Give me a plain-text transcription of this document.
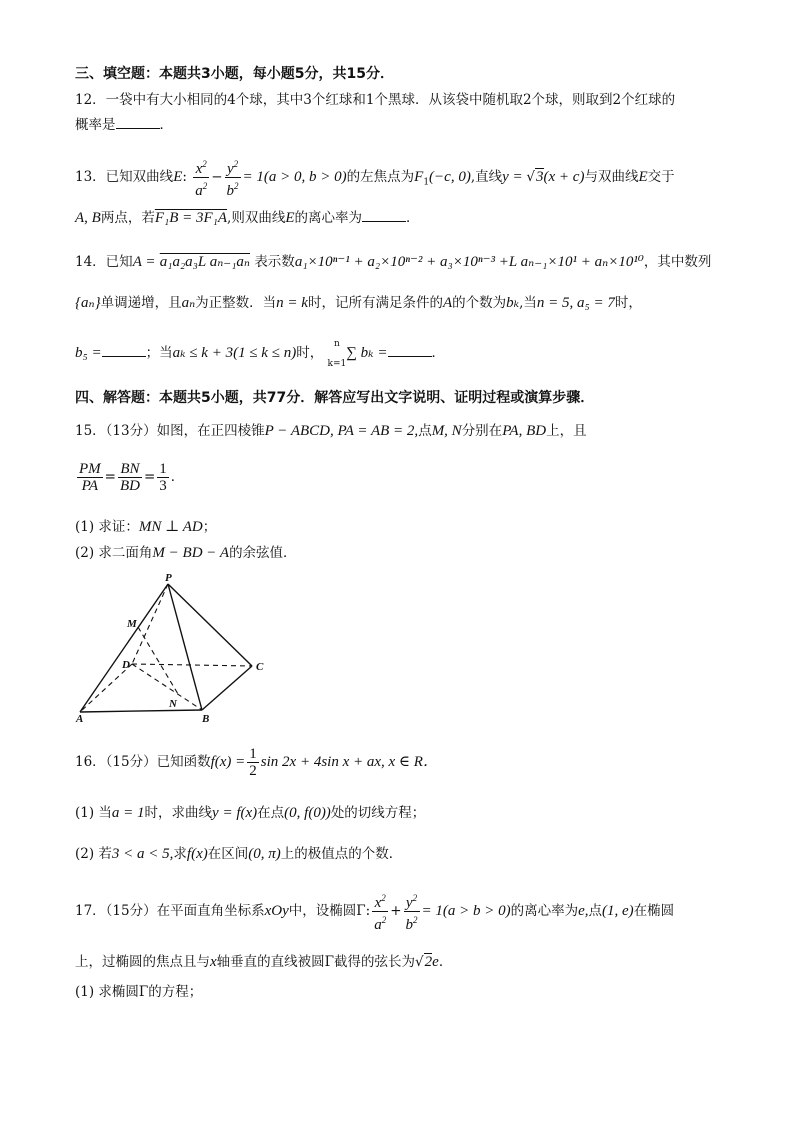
三、填空题：本题共3小题，每小题5分，共15分．
12．一袋中有大小相同的4个球，其中3个红球和1个黑球．从该袋中随机取2个球，则取到2个红球的
概率是	．
13．已知双曲线E: $\frac{x^2}{a^2} - \frac{y^2}{b^2} = 1(a > 0$, b > 0)的左焦点为$F_1(-c$, 0),直线y = √3(x + c)与双曲线E交于
A, B两点，若F₁B = 3F₁A,则双曲线E的离心率为	．
14．已知A = a₁a₂a₃L aₙ₋₁aₙ 表示数a₁×10ⁿ⁻¹ + a₂×10ⁿ⁻² + a₃×10ⁿ⁻³ +L aₙ₋₁×10¹ + aₙ×10¹⁰，其中数列
{aₙ}单调递增，且aₙ为正整数．当n = k时，记所有满足条件的A的个数为bₖ,当n = 5, a₅ = 7时，
b₅ =	；当aₖ ≤ k + 3(1 ≤ k ≤ n)时，
n
k=1
∑ bₖ =	．
四、解答题：本题共5小题，共77分．解答应写出文字说明、证明过程或演算步骤．
15．（13分）如图，在正四棱锥P − ABCD, PA = AB = 2,点M, N分别在PA, BD上，且
$\frac{PM}{PA} = \frac{BN}{BD} = \frac{1}{3}$ ．
(1) 求证：MN ⊥ AD；
(2) 求二面角M − BD − A的余弦值．
P
M
D	C
N
A	B
16．（15分）已知函数$f(x) = \frac{1}{2}$ sin 2x + 4sin x + ax, x ∈ R．
(1) 当a = 1时，求曲线y = f(x)在点(0, f(0))处的切线方程；
(2) 若3 < a < 5,求f(x)在区间(0, π)上的极值点的个数．
17．（15分）在平面直角坐标系xOy中，设椭圆Γ: $\frac{x^2}{a^2} + \frac{y^2}{b^2} = 1(a > b > 0)$的离心率为e,点(1, e)在椭圆
上，过椭圆的焦点且与x轴垂直的直线被圆Γ截得的弦长为√2e．
(1) 求椭圆Γ的方程；
